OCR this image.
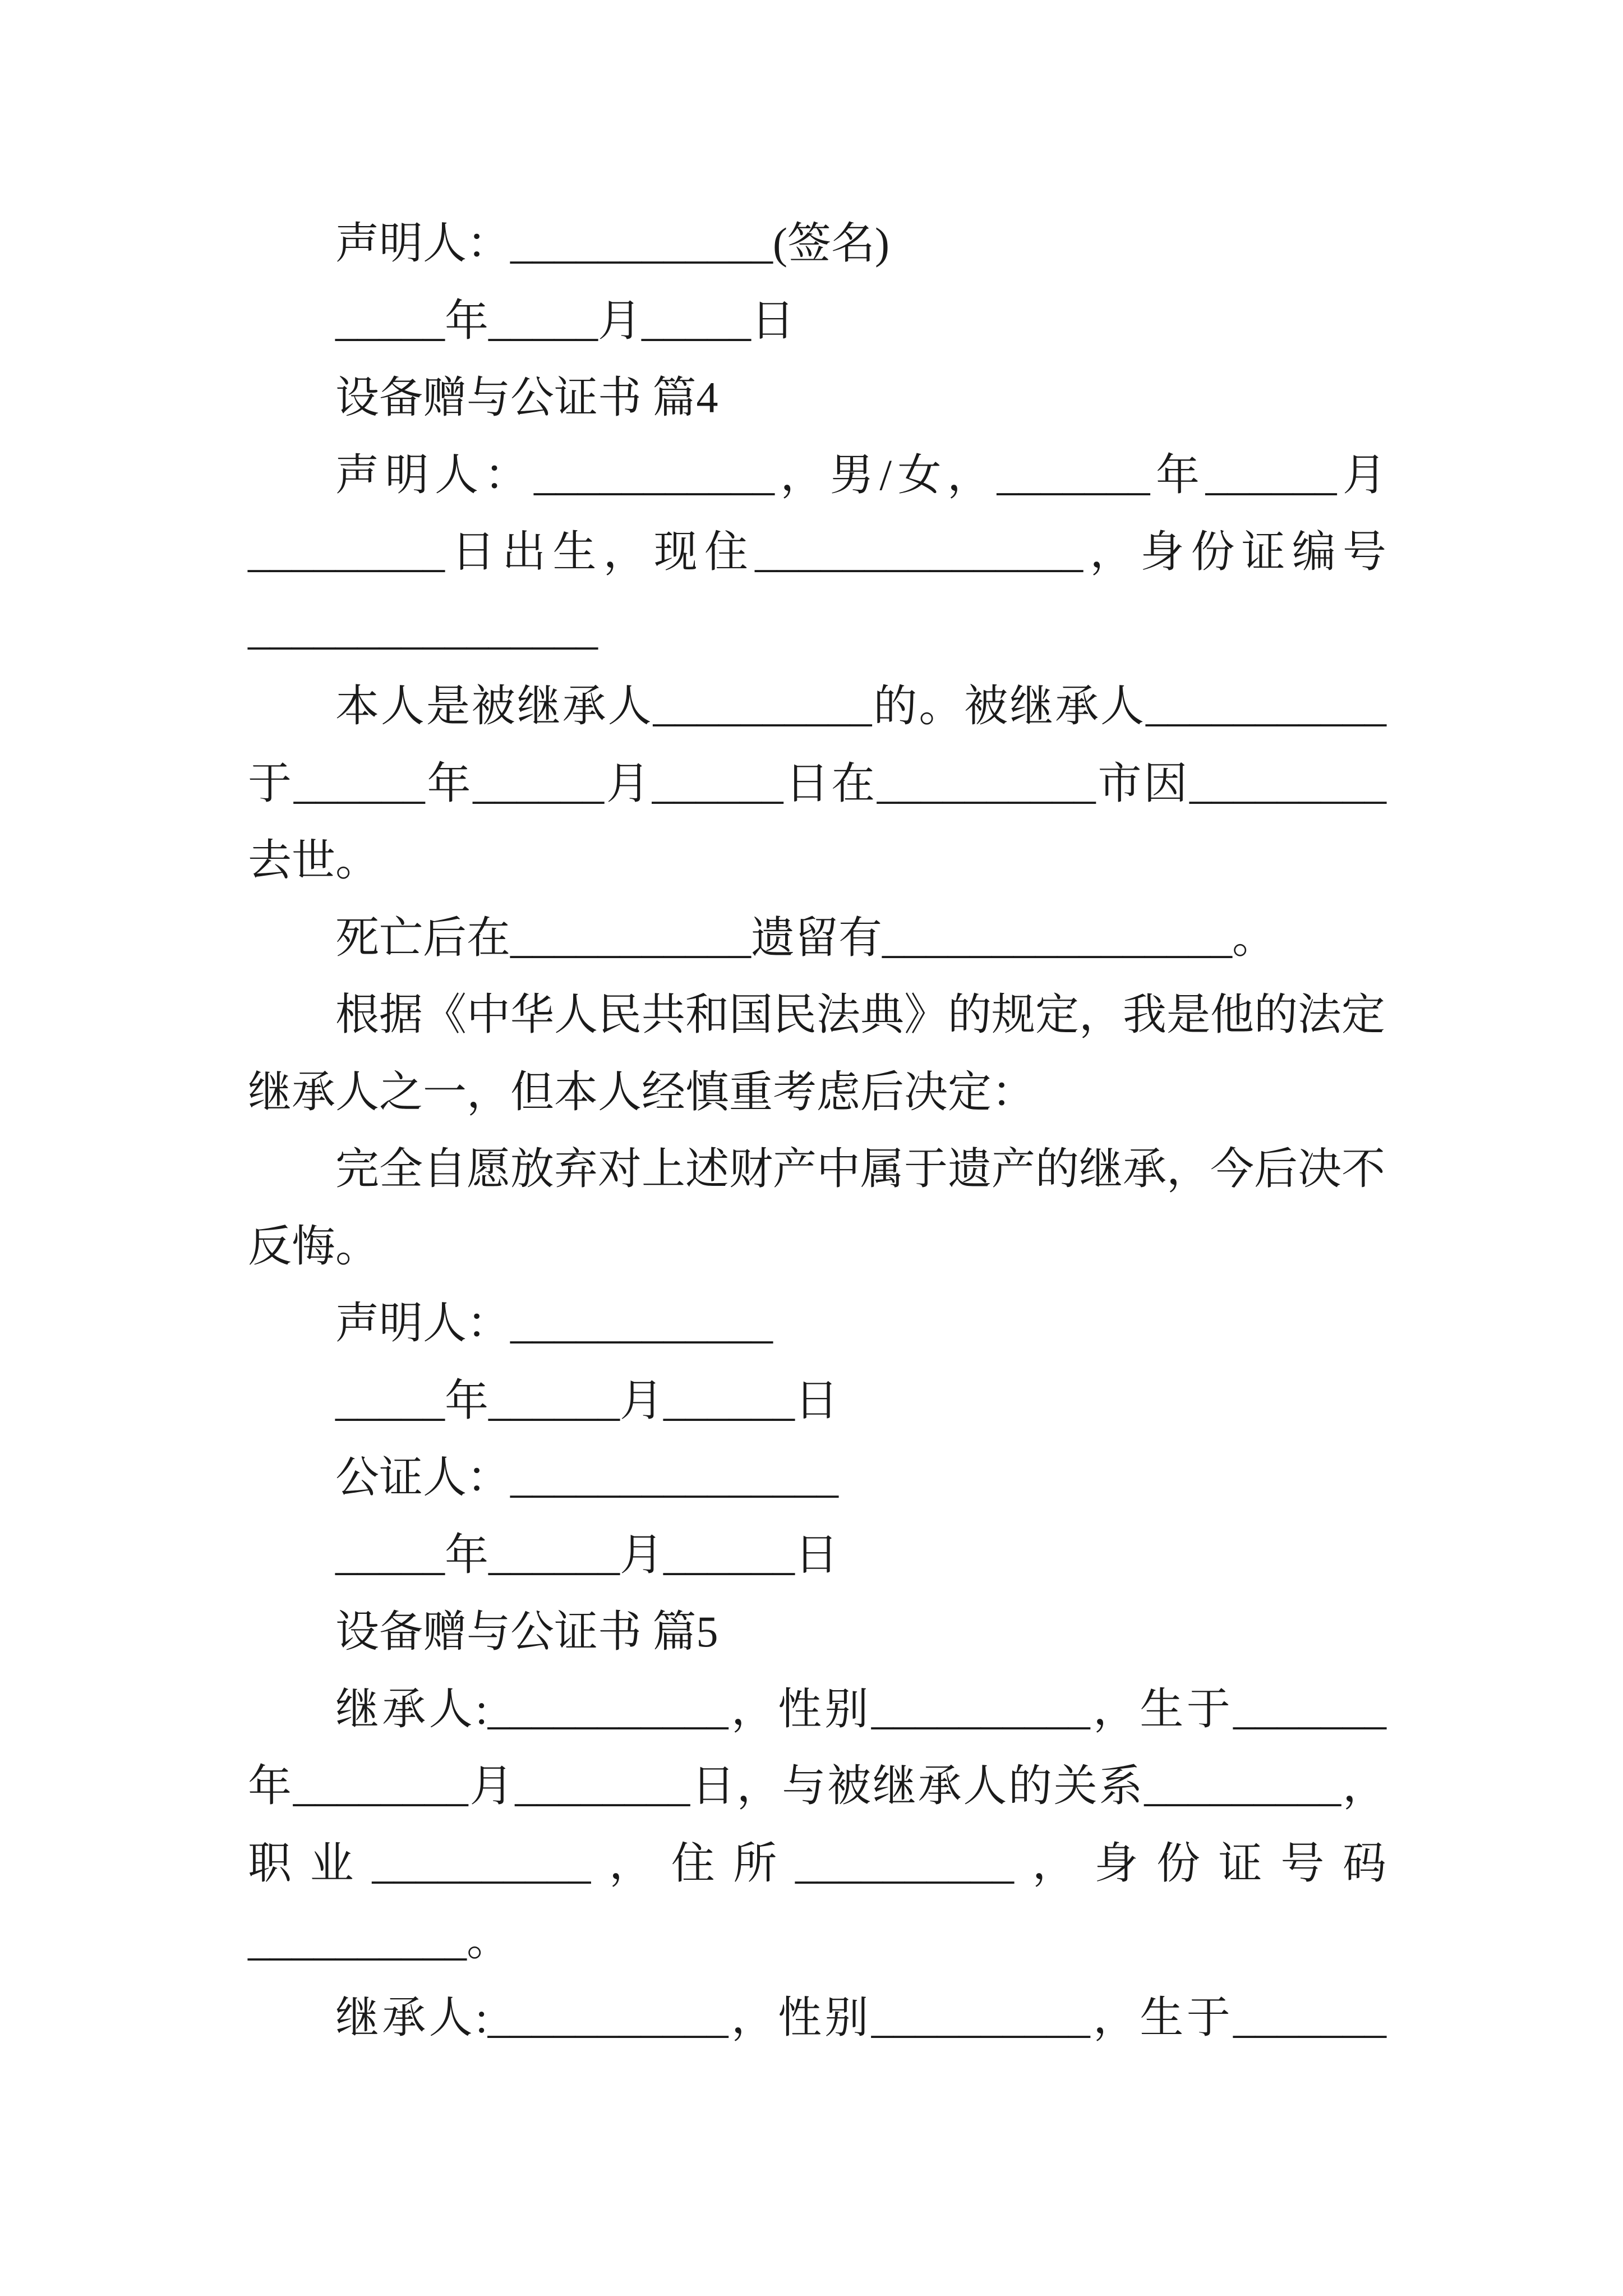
声明人：____________(签名)

_____年_____月_____日

设备赠与公证书 篇4

声明人：___________，男/女，_______年______月

_________日出生，现住_______________，身份证编号

________________

本人是被继承人__________的。被继承人___________

于______年______月______日在__________市因_________

去世。

死亡后在___________遗留有________________。

根据《中华人民共和国民法典》的规定，我是他的法定

继承人之一，但本人经慎重考虑后决定：

完全自愿放弃对上述财产中属于遗产的继承，今后决不

反悔。

声明人：____________

_____年______月______日

公证人：_______________

_____年______月______日

设备赠与公证书 篇5

继承人:___________，性别__________，生于_______

年________月________日，与被继承人的关系_________，

职业__________，住所__________，身份证号码

__________。

继承人:___________，性别__________，生于_______
